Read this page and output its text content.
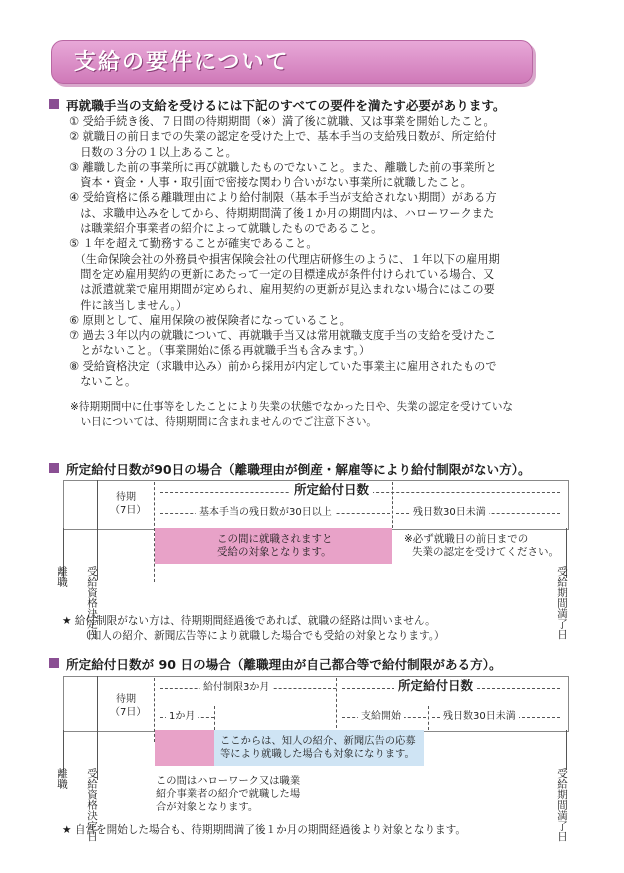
支給の要件について
再就職手当の支給を受けるには下記のすべての要件を満たす必要があります。
① 受給手続き後、７日間の待期期間（※）満了後に就職、又は事業を開始したこと。
② 就職日の前日までの失業の認定を受けた上で、基本手当の支給残日数が、所定給付
　日数の３分の１以上あること。
③ 離職した前の事業所に再び就職したものでないこと。また、離職した前の事業所と
　資本・資金・人事・取引面で密接な関わり合いがない事業所に就職したこと。
④ 受給資格に係る離職理由により給付制限（基本手当が支給されない期間）がある方
　は、求職申込みをしてから、待期期間満了後１か月の期間内は、ハローワークまた
　は職業紹介事業者の紹介によって就職したものであること。
⑤ １年を超えて勤務することが確実であること。
　（生命保険会社の外務員や損害保険会社の代理店研修生のように、１年以下の雇用期
　間を定め雇用契約の更新にあたって一定の目標達成が条件付けられている場合、又
　は派遣就業で雇用期間が定められ、雇用契約の更新が見込まれない場合にはこの要
　件に該当しません。）
⑥ 原則として、雇用保険の被保険者になっていること。
⑦ 過去３年以内の就職について、再就職手当又は常用就職支度手当の支給を受けたこ
　とがないこと。（事業開始に係る再就職手当も含みます。）
⑧ 受給資格決定（求職申込み）前から採用が内定していた事業主に雇用されたもので
　ないこと。
※待期期間中に仕事等をしたことにより失業の状態でなかった日や、失業の認定を受けていな
　い日については、待期期間に含まれませんのでご注意下さい。
所定給付日数が90日の場合（離職理由が倒産・解雇等により給付制限がない方）。
待期
（7日）
所定給付日数
基本手当の残日数が30日以上	残日数30日未満
この間に就職されますと
受給の対象となります。
※必ず就職日の前日までの
失業の認定を受けてください。
離職 受給資格決定日	受給期間満了日
★ 給付制限がない方は、待期期間経過後であれば、就職の経路は問いません。
（知人の紹介、新聞広告等により就職した場合でも受給の対象となります。）
所定給付日数が 90 日の場合（離職理由が自己都合等で給付制限がある方）。
待期
（7日）
給付制限3か月	所定給付日数
1か月	支給開始	残日数30日未満
ここからは、知人の紹介、新聞広告の応募
等により就職した場合も対象になります。
この間はハローワーク又は職業
紹介事業者の紹介で就職した場
合が対象となります。
離職 受給資格決定日	受給期間満了日
★ 自営を開始した場合も、待期期間満了後１か月の期間経過後より対象となります。
